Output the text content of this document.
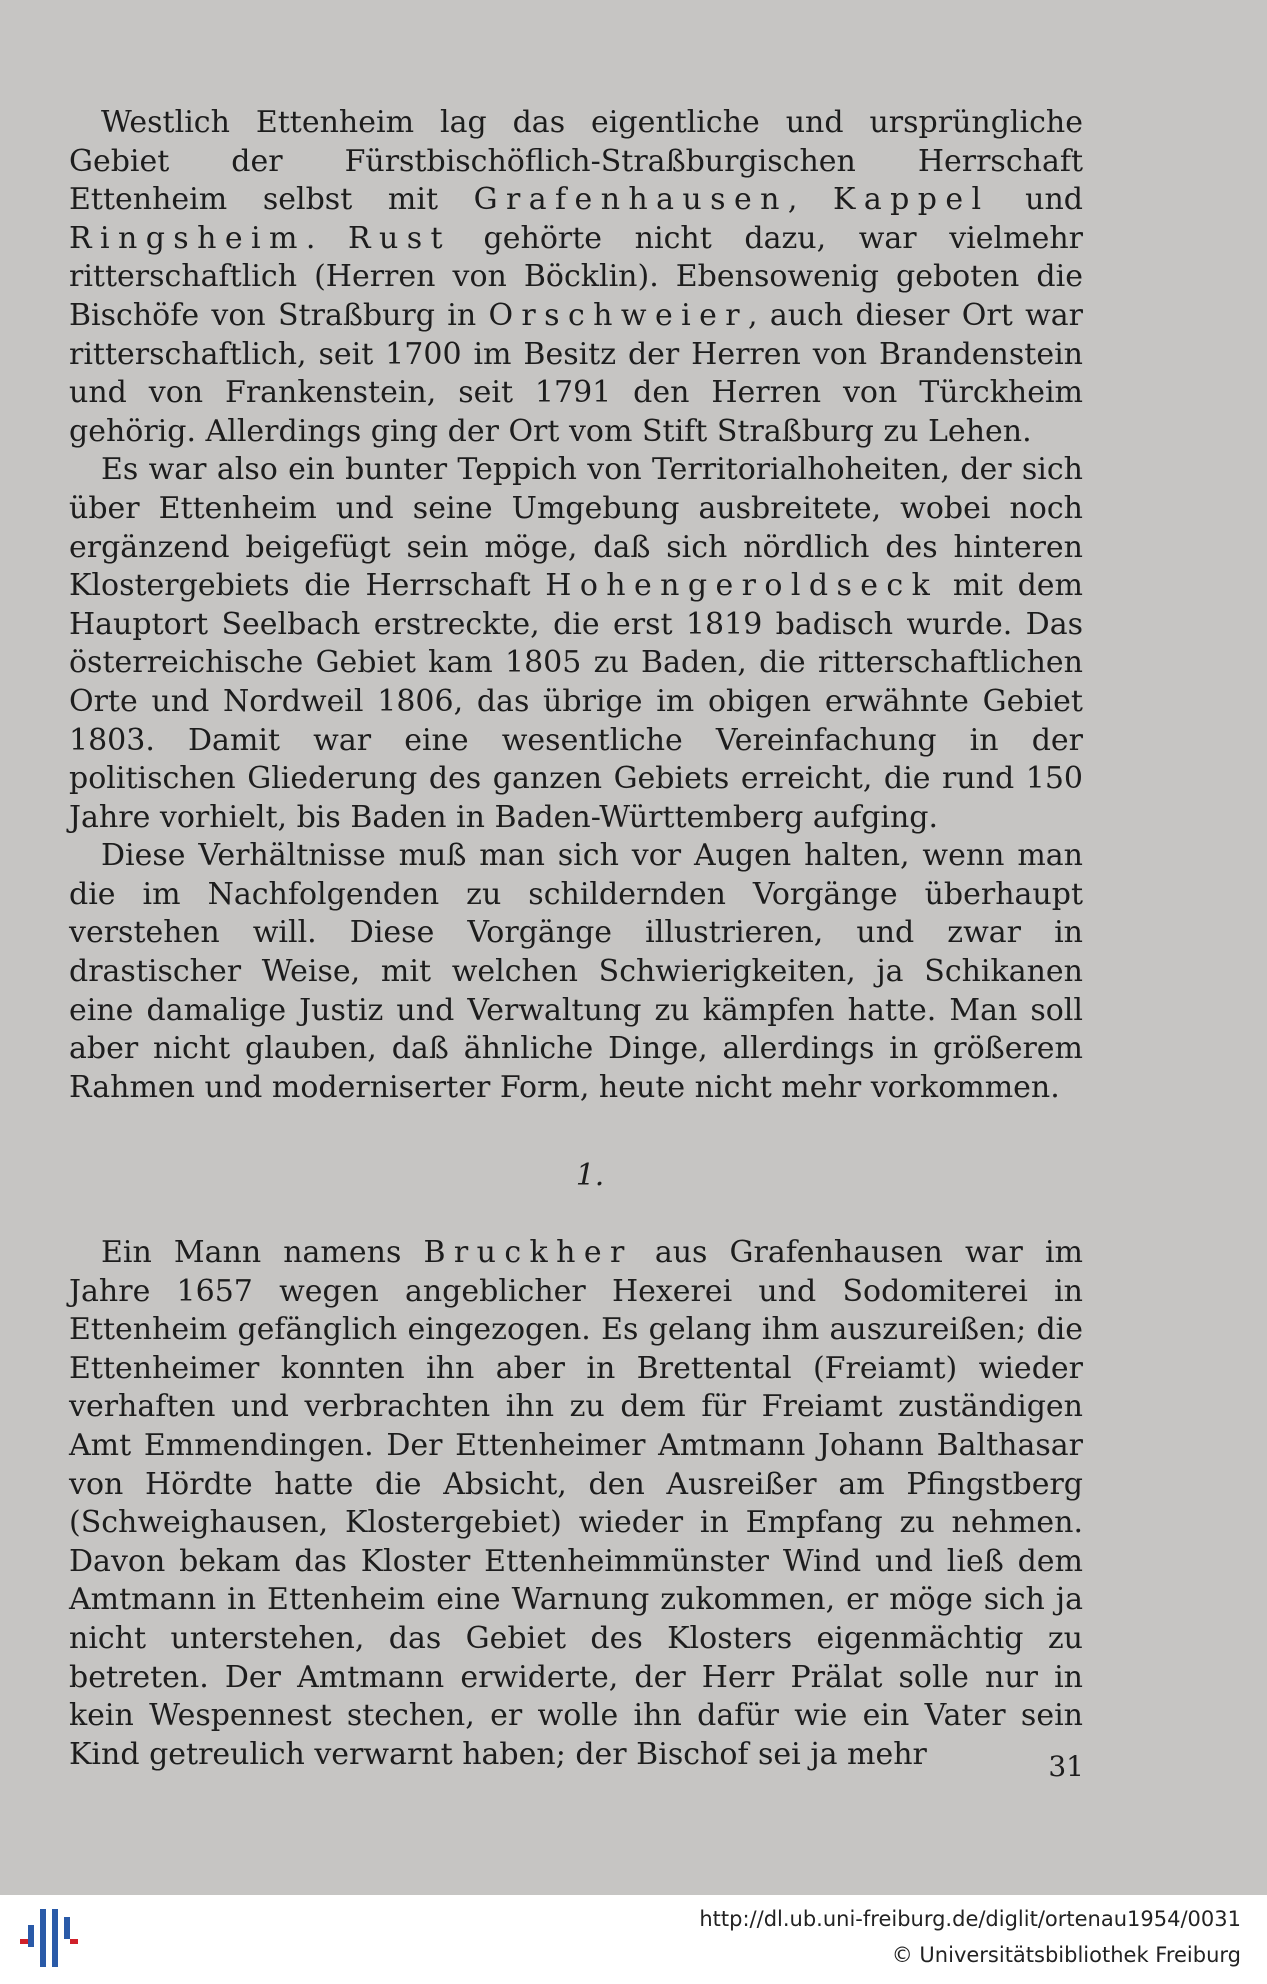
Westlich Ettenheim lag das eigentliche und ursprüngliche Gebiet der Fürstbischöflich-Straßburgischen Herrschaft Ettenheim selbst mit Grafenhausen, Kappel und Ringsheim. Rust gehörte nicht dazu, war vielmehr ritterschaftlich (Herren von Böcklin). Ebensowenig geboten die Bischöfe von Straßburg in Orschweier, auch dieser Ort war ritterschaftlich, seit 1700 im Besitz der Herren von Brandenstein und von Frankenstein, seit 1791 den Herren von Türckheim gehörig. Allerdings ging der Ort vom Stift Straßburg zu Lehen.

Es war also ein bunter Teppich von Territorialhoheiten, der sich über Ettenheim und seine Umgebung ausbreitete, wobei noch ergänzend beigefügt sein möge, daß sich nördlich des hinteren Klostergebiets die Herrschaft Hohengeroldseck mit dem Hauptort Seelbach erstreckte, die erst 1819 badisch wurde. Das österreichische Gebiet kam 1805 zu Baden, die ritterschaftlichen Orte und Nordweil 1806, das übrige im obigen erwähnte Gebiet 1803. Damit war eine wesentliche Vereinfachung in der politischen Gliederung des ganzen Gebiets erreicht, die rund 150 Jahre vorhielt, bis Baden in Baden-Württemberg aufging.

Diese Verhältnisse muß man sich vor Augen halten, wenn man die im Nachfolgenden zu schildernden Vorgänge überhaupt verstehen will. Diese Vorgänge illustrieren, und zwar in drastischer Weise, mit welchen Schwierigkeiten, ja Schikanen eine damalige Justiz und Verwaltung zu kämpfen hatte. Man soll aber nicht glauben, daß ähnliche Dinge, allerdings in größerem Rahmen und moderniserter Form, heute nicht mehr vorkommen.

1.

Ein Mann namens Bruckher aus Grafenhausen war im Jahre 1657 wegen angeblicher Hexerei und Sodomiterei in Ettenheim gefänglich eingezogen. Es gelang ihm auszureißen; die Ettenheimer konnten ihn aber in Brettental (Freiamt) wieder verhaften und verbrachten ihn zu dem für Freiamt zuständigen Amt Emmendingen. Der Ettenheimer Amtmann Johann Balthasar von Hördte hatte die Absicht, den Ausreißer am Pfingstberg (Schweighausen, Klostergebiet) wieder in Empfang zu nehmen. Davon bekam das Kloster Ettenheimmünster Wind und ließ dem Amtmann in Ettenheim eine Warnung zukommen, er möge sich ja nicht unterstehen, das Gebiet des Klosters eigenmächtig zu betreten. Der Amtmann erwiderte, der Herr Prälat solle nur in kein Wespennest stechen, er wolle ihn dafür wie ein Vater sein Kind getreulich verwarnt haben; der Bischof sei ja mehr	31
http://dl.ub.uni-freiburg.de/diglit/ortenau1954/0031
© Universitätsbibliothek Freiburg
